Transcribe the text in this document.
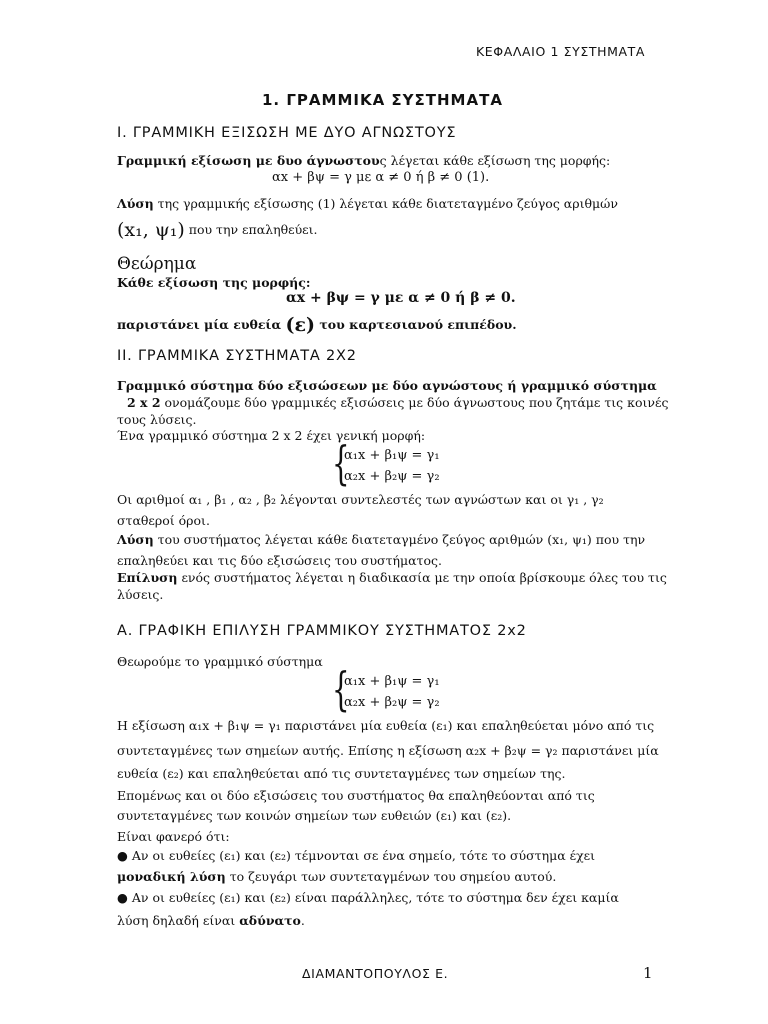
ΚΕΦΑΛΑΙΟ 1 ΣΥΣΤΗΜΑΤΑ
1. ΓΡΑΜΜΙΚΑ ΣΥΣΤΗΜΑΤΑ
Ι. ΓΡΑΜΜΙΚΗ ΕΞΙΣΩΣΗ ΜΕ ΔΥΟ ΑΓΝΩΣΤΟΥΣ
Γραμμική εξίσωση με δυο άγνωστους λέγεται κάθε εξίσωση της μορφής:
αx + βψ = γ με α ≠ 0 ή β ≠ 0 (1).
Λύση της γραμμικής εξίσωσης (1) λέγεται κάθε διατεταγμένο ζεύγος αριθμών
(x₁, ψ₁) που την επαληθεύει.
Θεώρημα
Κάθε εξίσωση της μορφής:
αx + βψ = γ με α ≠ 0 ή β ≠ 0.
παριστάνει μία ευθεία (ε) του καρτεσιανού επιπέδου.
ΙΙ. ΓΡΑΜΜΙΚΑ ΣΥΣΤΗΜΑΤΑ 2Χ2
Γραμμικό σύστημα δύο εξισώσεων με δύο αγνώστους ή γραμμικό σύστημα
2 x 2 ονομάζουμε δύο γραμμικές εξισώσεις με δύο άγνωστους που ζητάμε τις κοινές
τους λύσεις.
Ένα γραμμικό σύστημα 2 x 2 έχει γενική μορφή:
{
α₁x + β₁ψ = γ₁
α₂x + β₂ψ = γ₂
Οι αριθμοί α₁ , β₁ , α₂ , β₂ λέγονται συντελεστές των αγνώστων και οι γ₁ , γ₂
σταθεροί όροι.
Λύση του συστήματος λέγεται κάθε διατεταγμένο ζεύγος αριθμών (x₁, ψ₁) που την
επαληθεύει και τις δύο εξισώσεις του συστήματος.
Επίλυση ενός συστήματος λέγεται η διαδικασία με την οποία βρίσκουμε όλες του τις
λύσεις.
Α. ΓΡΑΦΙΚΗ ΕΠΙΛΥΣΗ ΓΡΑΜΜΙΚΟΥ ΣΥΣΤΗΜΑΤΟΣ 2x2
Θεωρούμε το γραμμικό σύστημα
{
α₁x + β₁ψ = γ₁
α₂x + β₂ψ = γ₂
Η εξίσωση α₁x + β₁ψ = γ₁ παριστάνει μία ευθεία (ε₁) και επαληθεύεται μόνο από τις
συντεταγμένες των σημείων αυτής. Επίσης η εξίσωση α₂x + β₂ψ = γ₂ παριστάνει μία
ευθεία (ε₂) και επαληθεύεται από τις συντεταγμένες των σημείων της.
Επομένως και οι δύο εξισώσεις του συστήματος θα επαληθεύονται από τις
συντεταγμένες των κοινών σημείων των ευθειών (ε₁) και (ε₂).
Είναι φανερό ότι:
● Αν οι ευθείες (ε₁) και (ε₂) τέμνονται σε ένα σημείο, τότε το σύστημα έχει
μοναδική λύση το ζευγάρι των συντεταγμένων του σημείου αυτού.
● Αν οι ευθείες (ε₁) και (ε₂) είναι παράλληλες, τότε το σύστημα δεν έχει καμία
λύση δηλαδή είναι αδύνατο.
ΔΙΑΜΑΝΤΟΠΟΥΛΟΣ Ε.	1
